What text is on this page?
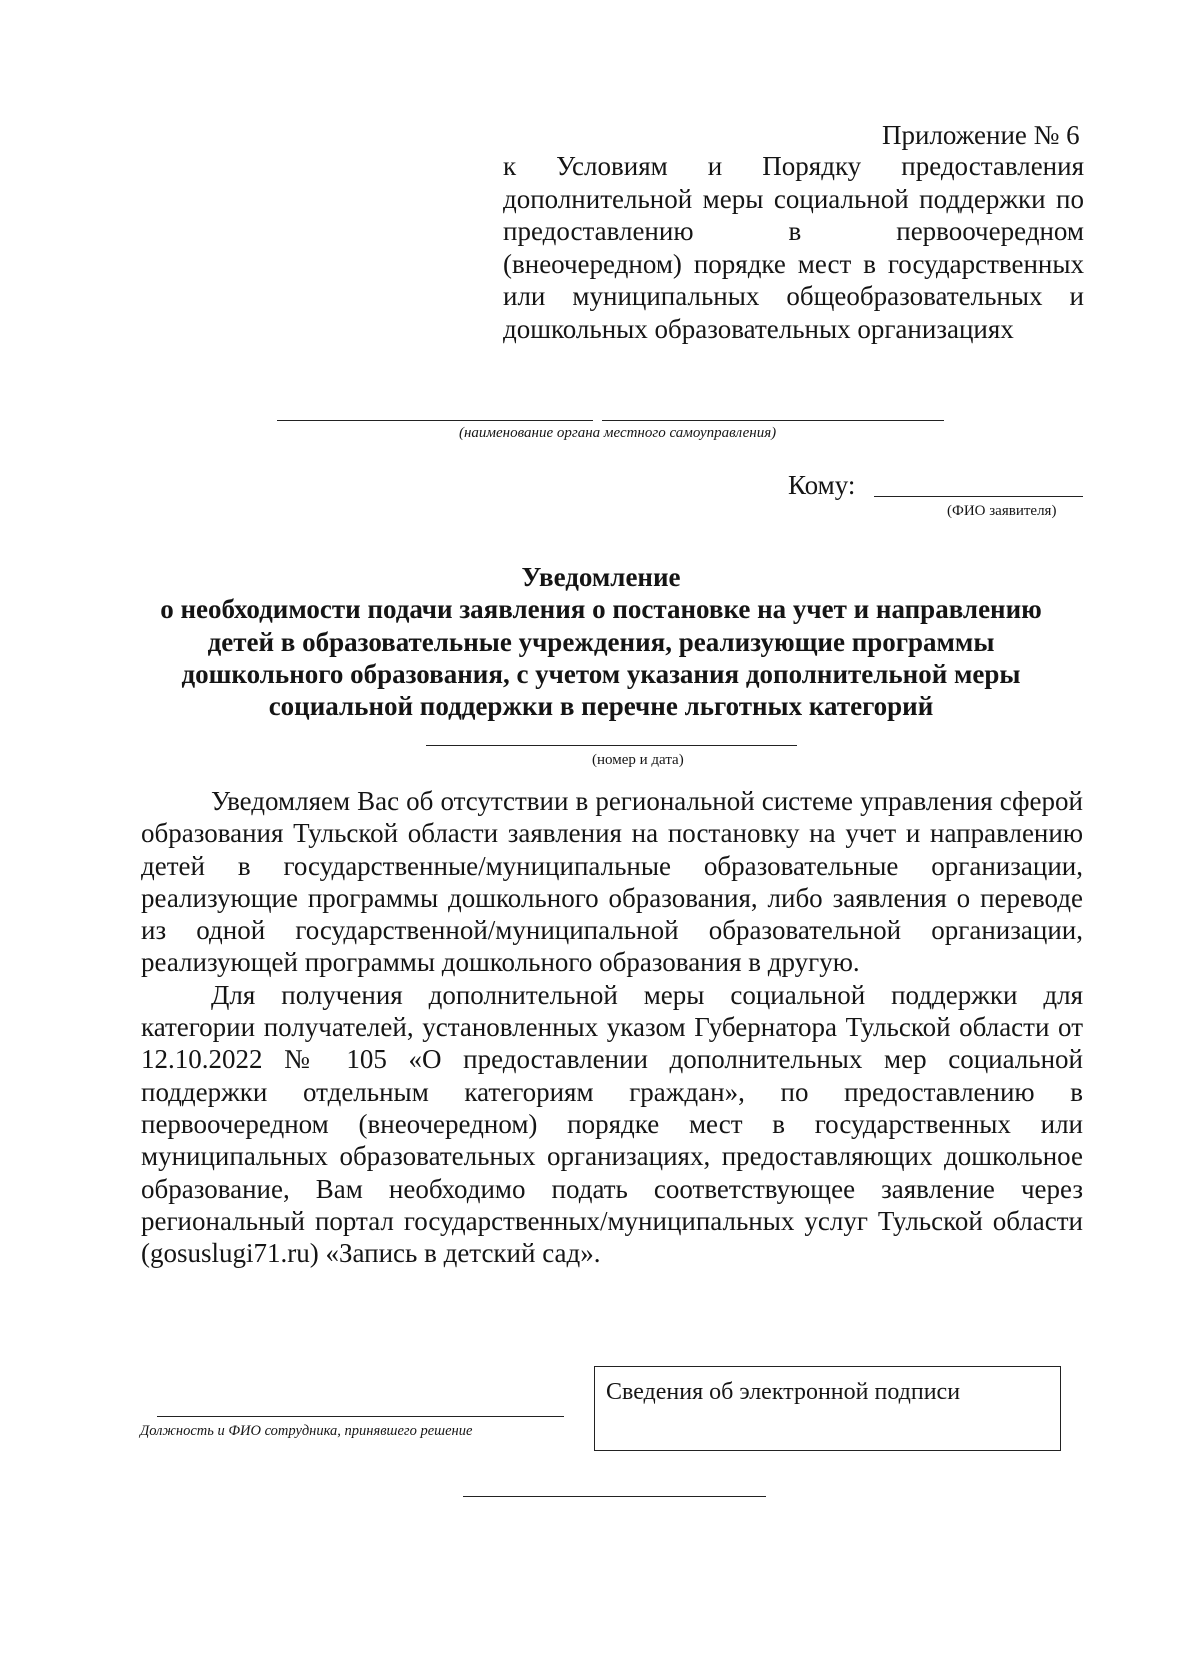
Приложение № 6
к Условиям и Порядку предоставления дополнительной меры социальной поддержки по предоставлению в первоочередном (внеочередном) порядке мест в государственных или муниципальных общеобразовательных и дошкольных образовательных организациях
(наименование органа местного самоуправления)
Кому:
(ФИО заявителя)
Уведомление
о необходимости подачи заявления о постановке на учет и направлению
детей в образовательные учреждения, реализующие программы
дошкольного образования, с учетом указания дополнительной меры
социальной поддержки в перечне льготных категорий
(номер и дата)

Уведомляем Вас об отсутствии в региональной системе управления сферой образования Тульской области заявления на постановку на учет и направлению детей в государственные/муниципальные образовательные организации, реализующие программы дошкольного образования, либо заявления о переводе из одной государственной/муниципальной образовательной организации, реализующей программы дошкольного образования в другую.

Для получения дополнительной меры социальной поддержки для категории получателей, установленных указом Губернатора Тульской области от 12.10.2022 № 105 «О предоставлении дополнительных мер социальной поддержки отдельным категориям граждан», по предоставлению в первоочередном (внеочередном) порядке мест в государственных или муниципальных образовательных организациях, предоставляющих дошкольное образование, Вам необходимо подать соответствующее заявление через региональный портал государственных/муниципальных услуг Тульской области (gosuslugi71.ru) «Запись в детский сад».

Должность и ФИО сотрудника, принявшего решение
Сведения об электронной подписи
